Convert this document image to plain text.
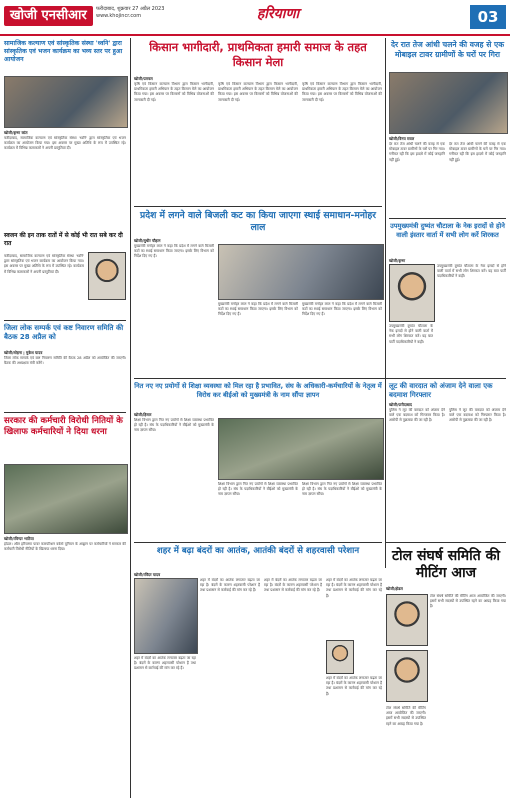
खोजी एनसीआर	फरीदाबाद, शुक्रवार 27 अप्रैल 2023
www.khojincr.com	हरियाणा	03
सामाजिक कल्याण एवं सांस्कृतिक संस्था 'ध्वनि' द्वारा सांस्कृतिक एवं भजन कार्यक्रम का भव्य स्तर पर हुआ आयोजन
खोजी/कृष्ण कांत
फरीदाबाद, सामाजिक कल्याण एवं सांस्कृतिक संस्था 'ध्वनि' द्वारा सांस्कृतिक एवं भजन कार्यक्रम का आयोजन किया गया। इस अवसर पर मुख्य अतिथि के रूप में उपस्थित रहे। कार्यक्रम में विभिन्न कलाकारों ने अपनी प्रस्तुतियां दीं।
स्वजन की इन ताक रातों में से कोई भी रात सबे कर दी रात
फरीदाबाद, सामाजिक कल्याण एवं सांस्कृतिक संस्था 'ध्वनि' द्वारा सांस्कृतिक एवं भजन कार्यक्रम का आयोजन किया गया। इस अवसर पर मुख्य अतिथि के रूप में उपस्थित रहे। कार्यक्रम में विभिन्न कलाकारों ने अपनी प्रस्तुतियां दीं।
जिला लोक सम्पर्क एवं कष्ट निवारण समिति की बैठक 28 अप्रैल को
खोजी/सोहना | मुकेश यादव
जिला लोक सम्पर्क एवं कष्ट निवारण समिति की बैठक 28 अप्रैल को आयोजित की जाएगी। बैठक की अध्यक्षता मंत्री करेंगे।
सरकार की कर्मचारी विरोधी नितियों के खिलाफ कर्मचारियों ने दिया धरना
खोजी/रविन्दर भाटिया
होडल। ऑल हरियाणा पावर कारपोरेशन वर्कर्स यूनियन के आह्वान पर कर्मचारियों ने सरकार की कर्मचारी विरोधी नीतियों के खिलाफ धरना दिया।
किसान भागीदारी, प्राथमिकता हमारी समाज के तहत किसान मेला
खोजी/पलवल
कृषि एवं किसान कल्याण विभाग द्वारा किसान भागीदारी, प्राथमिकता हमारी अभियान के तहत किसान मेले का आयोजन किया गया। इस अवसर पर किसानों को विभिन्न योजनाओं की जानकारी दी गई।
कृषि एवं किसान कल्याण विभाग द्वारा किसान भागीदारी, प्राथमिकता हमारी अभियान के तहत किसान मेले का आयोजन किया गया। इस अवसर पर किसानों को विभिन्न योजनाओं की जानकारी दी गई।
कृषि एवं किसान कल्याण विभाग द्वारा किसान भागीदारी, प्राथमिकता हमारी अभियान के तहत किसान मेले का आयोजन किया गया। इस अवसर पर किसानों को विभिन्न योजनाओं की जानकारी दी गई।
प्रदेश में लगने वाले बिजली कट का किया जाएगा स्थाई समाधान-मनोहर लाल
खोजी/सुधीर चौहान
मुख्यमंत्री मनोहर लाल ने कहा कि प्रदेश में लगने वाले बिजली कटों का स्थाई समाधान किया जाएगा। इसके लिए विभाग को निर्देश दिए गए हैं।
मुख्यमंत्री मनोहर लाल ने कहा कि प्रदेश में लगने वाले बिजली कटों का स्थाई समाधान किया जाएगा। इसके लिए विभाग को निर्देश दिए गए हैं।
मुख्यमंत्री मनोहर लाल ने कहा कि प्रदेश में लगने वाले बिजली कटों का स्थाई समाधान किया जाएगा। इसके लिए विभाग को निर्देश दिए गए हैं।
नित नए नए प्रयोगों से शिक्षा व्यवस्था को मिल रहा है प्रभावित, संघ के अधिकारी-कर्मचारियों के नेतृत्व में विरोध कर बीईओ को मुख्यमंत्री के नाम सौंपा ज्ञापन
खोजी/हिसार
शिक्षा विभाग द्वारा नित नए प्रयोगों से शिक्षा व्यवस्था प्रभावित हो रही है। संघ के पदाधिकारियों ने बीईओ को मुख्यमंत्री के नाम ज्ञापन सौंपा।
शिक्षा विभाग द्वारा नित नए प्रयोगों से शिक्षा व्यवस्था प्रभावित हो रही है। संघ के पदाधिकारियों ने बीईओ को मुख्यमंत्री के नाम ज्ञापन सौंपा।
शिक्षा विभाग द्वारा नित नए प्रयोगों से शिक्षा व्यवस्था प्रभावित हो रही है। संघ के पदाधिकारियों ने बीईओ को मुख्यमंत्री के नाम ज्ञापन सौंपा।
शहर में बढ़ा बंदरों का आतंक, आतंकी बंदरों से शहरवासी परेशान
खोजी/रविंदर यादव
शहर में बंदरों का आतंक लगातार बढ़ता जा रहा है। बंदरों के कारण शहरवासी परेशान हैं तथा प्रशासन से कार्रवाई की मांग कर रहे हैं।
शहर में बंदरों का आतंक लगातार बढ़ता जा रहा है। बंदरों के कारण शहरवासी परेशान हैं तथा प्रशासन से कार्रवाई की मांग कर रहे हैं।
शहर में बंदरों का आतंक लगातार बढ़ता जा रहा है। बंदरों के कारण शहरवासी परेशान हैं तथा प्रशासन से कार्रवाई की मांग कर रहे हैं।
शहर में बंदरों का आतंक लगातार बढ़ता जा रहा है। बंदरों के कारण शहरवासी परेशान हैं तथा प्रशासन से कार्रवाई की मांग कर रहे हैं।
शहर में बंदरों का आतंक लगातार बढ़ता जा रहा है। बंदरों के कारण शहरवासी परेशान हैं तथा प्रशासन से कार्रवाई की मांग कर रहे हैं।
देर रात तेज आंधी चलने की वजह से एक मोबाइल टावर ग्रामीणों के घरों पर गिरा
खोजी/विनय रावल
देर रात तेज आंधी चलने की वजह से एक मोबाइल टावर ग्रामीणों के घरों पर गिर गया। गनीमत रही कि इस हादसे में कोई जनहानि नहीं हुई।
देर रात तेज आंधी चलने की वजह से एक मोबाइल टावर ग्रामीणों के घरों पर गिर गया। गनीमत रही कि इस हादसे में कोई जनहानि नहीं हुई।
उपमुख्यमंत्री दुष्यंत चौटाला के नेक इरादों से होने वाली इंस्तार वार्ता में सभी लोग करें शिरकत
खोजी/कृष्ण
उपमुख्यमंत्री दुष्यंत चौटाला के नेक इरादों से होने वाली वार्ता में सभी लोग शिरकत करें। यह बात पार्टी पदाधिकारियों ने कही।
उपमुख्यमंत्री दुष्यंत चौटाला के नेक इरादों से होने वाली वार्ता में सभी लोग शिरकत करें। यह बात पार्टी पदाधिकारियों ने कही।
लूट की वारदात को अंजाम देने वाला एक बदमाश गिरफ्तार
खोजी/फरीदाबाद
पुलिस ने लूट की वारदात को अंजाम देने वाले एक बदमाश को गिरफ्तार किया है। आरोपी से पूछताछ की जा रही है।
पुलिस ने लूट की वारदात को अंजाम देने वाले एक बदमाश को गिरफ्तार किया है। आरोपी से पूछताछ की जा रही है।
टोल संघर्ष समिति की मीटिंग आज
खोजी/होडल
टोल संघर्ष समिति की मीटिंग आज आयोजित की जाएगी। इसमें सभी सदस्यों से उपस्थित रहने का आग्रह किया गया है।
टोल संघर्ष समिति की मीटिंग आज आयोजित की जाएगी। इसमें सभी सदस्यों से उपस्थित रहने का आग्रह किया गया है।
